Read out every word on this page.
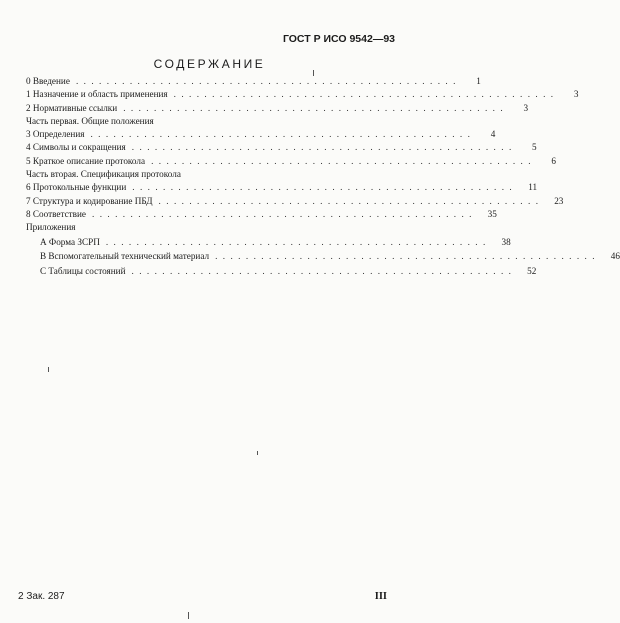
ГОСТ Р ИСО 9542—93
СОДЕРЖАНИЕ
0 Введение ..................................................	1
1 Назначение и область применения ..................................................	3
2 Нормативные ссылки ..................................................	3
Часть первая. Общие положения
3 Определения ..................................................	4
4 Символы и сокращения ..................................................	5
5 Краткое описание протокола ..................................................	6
Часть вторая. Спецификация протокола
6 Протокольные функции ..................................................	11
7 Структура и кодирование ПБД ..................................................	23
8 Соответствие ..................................................	35
Приложения
А Форма ЗСРП ..................................................	38
В Вспомогательный технический материал ..................................................	46
С Таблицы состояний ..................................................	52
2 Зак. 287	III
